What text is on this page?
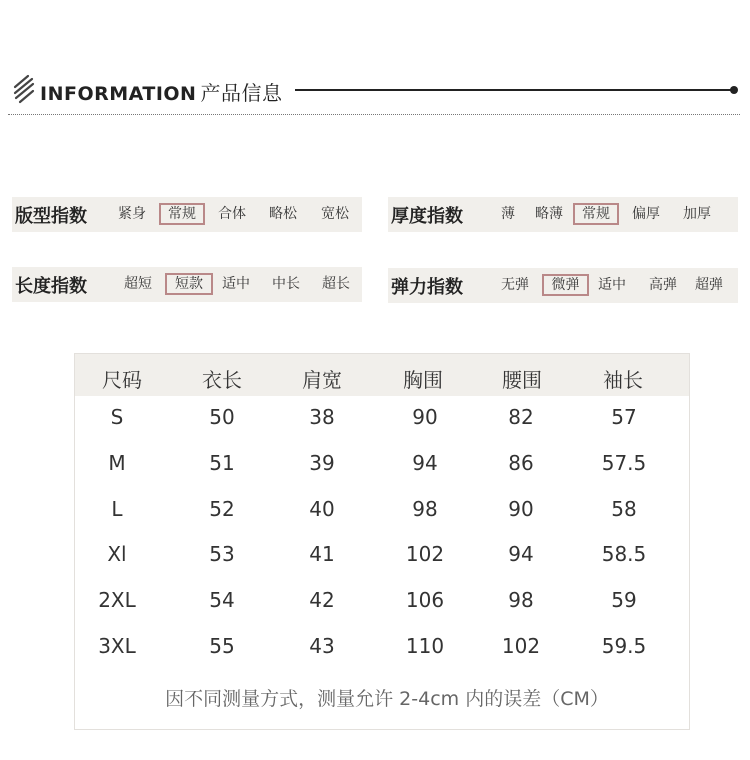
INFORMATION 产品信息
版型指数	紧身	常规	合体	略松	宽松 厚度指数	薄	略薄	常规	偏厚	加厚
长度指数	超短	短款	适中	中长	超长 弹力指数	无弹	微弹	适中	高弹	超弹
尺码	衣长	肩宽	胸围	腰围	袖长
S	50	38	90	82	57
M	51	39	94	86	57.5
L	52	40	98	90	58
Xl	53	41	102	94	58.5
2XL	54	42	106	98	59
3XL	55	43	110	102	59.5
因不同测量方式，测量允许 2-4cm 内的误差（CM）
